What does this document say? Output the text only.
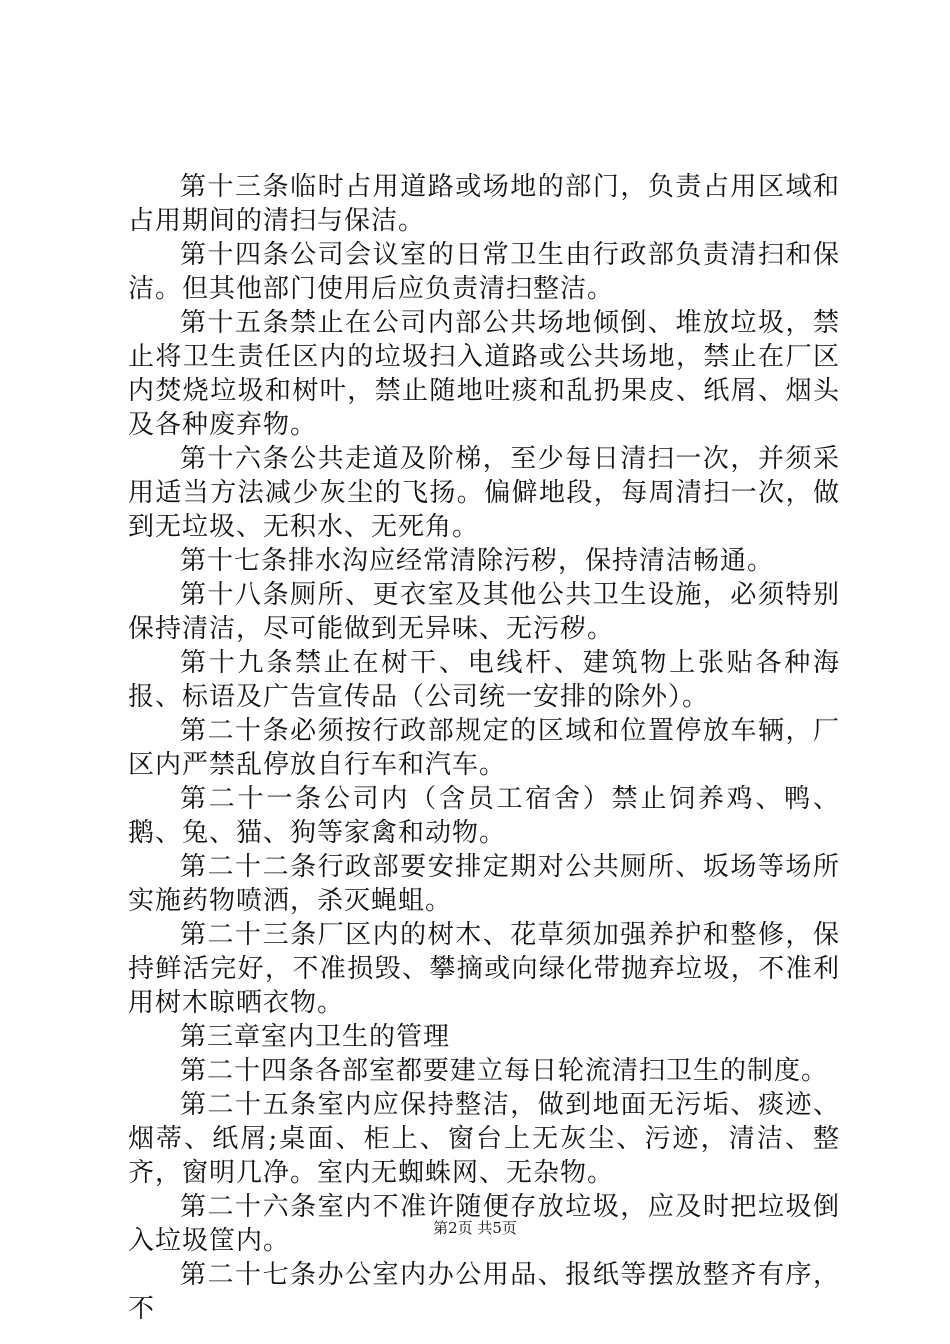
第十三条临时占用道路或场地的部门，负责占用区域和占用期间的清扫与保洁。

第十四条公司会议室的日常卫生由行政部负责清扫和保洁。但其他部门使用后应负责清扫整洁。

第十五条禁止在公司内部公共场地倾倒、堆放垃圾，禁止将卫生责任区内的垃圾扫入道路或公共场地，禁止在厂区内焚烧垃圾和树叶，禁止随地吐痰和乱扔果皮、纸屑、烟头及各种废弃物。

第十六条公共走道及阶梯，至少每日清扫一次，并须采用适当方法减少灰尘的飞扬。偏僻地段，每周清扫一次，做到无垃圾、无积水、无死角。

第十七条排水沟应经常清除污秽，保持清洁畅通。

第十八条厕所、更衣室及其他公共卫生设施，必须特别保持清洁，尽可能做到无异味、无污秽。

第十九条禁止在树干、电线杆、建筑物上张贴各种海报、标语及广告宣传品（公司统一安排的除外）。

第二十条必须按行政部规定的区域和位置停放车辆，厂区内严禁乱停放自行车和汽车。

第二十一条公司内（含员工宿舍）禁止饲养鸡、鸭、鹅、兔、猫、狗等家禽和动物。

第二十二条行政部要安排定期对公共厕所、坂场等场所实施药物喷洒，杀灭蝇蛆。

第二十三条厂区内的树木、花草须加强养护和整修，保持鲜活完好，不准损毁、攀摘或向绿化带抛弃垃圾，不准利用树木晾晒衣物。

第三章室内卫生的管理

第二十四条各部室都要建立每日轮流清扫卫生的制度。

第二十五条室内应保持整洁，做到地面无污垢、痰迹、烟蒂、纸屑;桌面、柜上、窗台上无灰尘、污迹，清洁、整齐，窗明几净。室内无蜘蛛网、无杂物。

第二十六条室内不准许随便存放垃圾，应及时把垃圾倒入垃圾筐内。

第二十七条办公室内办公用品、报纸等摆放整齐有序，不

第2页 共5页
